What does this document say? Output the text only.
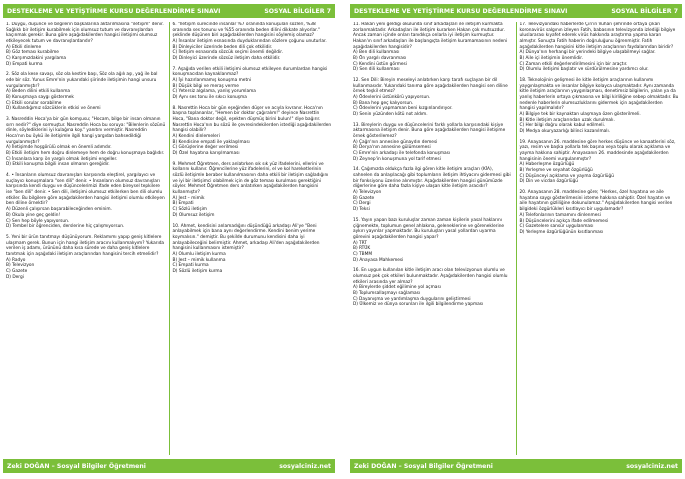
DESTEKLEME VE YETİŞTİRME KURSU DEĞERLENDİRME SINAVI	SOSYAL BİLGİLER 7

1. Duygu, düşünce ve bilgilerin başkalarına aktarılmasına "iletişim" denir. Sağlıklı bir iletişim kurabilmek için olumsuz tutum ve davranışlardan kaçınmak gerekir. Buna göre aşağıdakilerden hangisi iletişimi olumsuz etkileyecek tutum ve davranışlardandır?

A) Etkili dinleme
B) Göz teması kurabilme
C) Karşımızdakini yargılama
D) Empati kurma

2. Söz ola kese savaşı, söz ola kestire başı, Söz ola ağılı aşı, yağ ile bal ede bir söz. Yunus Emre'nin yukarıdaki şiirinde iletişimin hangi unsuru vurgulanmıştır?

A) Beden dilini etkili kullanma
B) Konuşmaya saygı göstermek
C) Etkili sorular sorabilme
D) Kullandığımız sözcüklerin etkisi ve önemi

3. Nasreddin Hoca'ya bir gün komşusu; "Hocam, bilge bir insan olmanın sırrı nedir?" diye sormuştur. Nasreddin Hoca bu soruya: "Bilenlerin sözünü dinle, söylediklerini iyi kulağına koy." yanıtını vermiştir. Nasreddin Hoca'nın bu öykü ile iletişimle ilgili hangi yargıdan bahsedildiği vurgulanmıştır?

A) İletişimde hoşgörülü olmak en önemli adımdır.
B) Etkili iletişim hem doğru dinlemeye hem de doğru konuşmaya bağlıdır.
C) İnsanlara karşı ön yargılı olmak iletişimi engeller.
D) Etkili konuşma bilgili insan olmanın gereğidir.

4. • İnsanların olumsuz davranışları karşısında eleştirel, yargılayıcı ve suçlayıcı konuşmalara "sen dili" denir. • İnsanların olumsuz davranışları karşısında kendi duygu ve düşüncelerimizi ifade eden bireysel tepkilere ise "ben dili" denir. • Sen dili, iletişimi olumsuz etkilerken ben dili olumlu etkiler. Bu bilgilere göre aşağıdakilerden hangisi iletişimi olumlu etkileyen ben diline örnektir?

A) Düzenli çalışırsan başarabileceğinden eminim.
B) Okula yine geç geldin!
C) Sen hep böyle yapıyorsun.
D) Tembel bir öğrenciden, derslerine hiç çalışmıyorsun.

5. Yeni bir ürün tanıtmayı düşünüyorum. Reklamımı yapıp geniş kitlelere ulaşmam gerek. Bunun için hangi iletişim aracını kullanmalıyım? Yukarıda verilen iş adamı, ürününü daha kısa sürede ve daha geniş kitlelere tanıtmak için aşağıdaki iletişim araçlarından hangisini tercih etmelidir?

A) Radyo
B) Televizyon
C) Gazete
D) Dergi

6. "İletişim sürecinde insanlar %7 oranında konuşulan sözleri, %38 oranında ses tonunu ve %55 oranında beden dilini dikkate alıyorlar." şeklinde düşünen biri aşağıdakilerden hangisini söylemiş olamaz?

A) İnsanlar iletişim esnasında duyduklarından sözlere çoğunu unuturlar.
B) Dinleyiciler üzerinde beden dili çok etkilidir.
C) İletişim esnasında sözcük seçimi önemli değildir.
D) Dinleyici üzerinde sözsüz iletişim daha etkilidir.

7. Aşağıda verilen etkili iletişimi olumsuz etkileyen durumlardan hangisi konuşmacıdan kaynaklanmaz?

A) İyi hazırlanmamış konuşma metni
B) Düşük bilgi ve meraş verme
C) Yetersiz algılama, yanlış yorumlama
D) Aynı ses tonu ile sıkıcı konuşma

8. Nasrettin Hoca bir gün eşeğinden düşer ve acıyla kıvranır. Hoca'nın başına toplananlar, "Hemen bir doktor çağıralım!" deyince Nasrettin Hoca, "Bana doktor değil, eşekten düşmüş birini bulun!" diye bağırır. Nasrettin Hoca'nın bu sözü ile çevresindekilerden istediği aşağıdakilerden hangisi olabilir?

A) Kendini dinlemeleri
B) Kendisine empati ile yaklaşılması
C) Görüşlerine değer verilmesi
D) Özel hayatına karışılmaması

9. Mehmet Öğretmen, ders anlatırken sık sık yüz ifadelerini, ellerini ve kollarını kullanır. Öğrencilerine yüz ifadelerini, el ve kol hareketlerinin sözlü iletişimle beraber kullanılmasının daha etkili bir iletişim sağladığını ve iyi bir iletişimci olabilmek için de göz teması kurulması gerektiğini söyler. Mehmet Öğretmen ders anlatırken aşağıdakilerden hangisini kullanmıştır?

A) Jest – mimik
B) Empati
C) Sözlü iletişim
D) Olumsuz iletişim

10. Ahmet, kendisini anlamadığını düşündüğü arkadaşı Ali'ye "Beni anlayabilmek için bana aynı değerlendirme. Kendini benim yerime koymalısın." demiştir. Bu şekilde durumunu kendisini daha iyi anlayabileceğini belirmiştir. Ahmet, arkadaşı Ali'den aşağıdakilerden hangisini kullanmasını istemiştir?

A) Olumlu iletişim kurma
B) Jest – mimik kullanma
C) Empati kurma
D) Sözlü iletişim kurma
Zeki DOĞAN – Sosyal Bilgiler Öğretmeni	sosyalciniz.net
DESTEKLEME VE YETİŞTİRME KURSU DEĞERLENDİRME SINAVI	SOSYAL BİLGİLER 7

11. Hakan yeni geldiği okulunda sınıf arkadaşları ile iletişim kurmakta zorlanmaktadır. Arkadaşları ile iletişim kurarken Hakan çok mutsuzdur. Ancak zaman içinde onları tanıdıkça onlarla iyi iletişim kurmuştur. Hakan'ın sınıf arkadaşları ile başlangıçta iletişim kuramamasının nedeni aşağıdakilerden hangisidir?

A) Ben dili kullanması
B) Ön yargılı davranması
C) Kendini üstün görmesi
D) Sen dili kullanması

12. Sen Dili: Bireyin meseleyi anlatırken karşı tarafı suçlayan bir dil kullanmasıdır. Yukarıdaki tanıma göre aşağıdakilerden hangisi sen diline örnek teşkil etmez?

A) Ödevlerini üstünkörü yapıyorsun.
B) Bana hep geç kalıyorsun.
C) Ödevlerini yapmaman beni kızgınlandırıyor.
D) Senin yüzünden kötü not aldım.

13. Bireylerin duygu ve düşüncelerini farklı yollarla karşısındaki kişiye aktarmasına iletişim denir. Buna göre aşağıdakilerden hangisi iletişime örnek gösterilemez?

A) Çağrı'nın annesine günaydın demesi
B) Derya'nın annesine gülümsemesi
C) Emre'nin arkadaşı ile telefonda konuşması
D) Zeynep'in konuşmuna yol tarif etmesi

14. Çağımızda oldukça fazla ilgi gören kitle iletişim araçları (KİA), sahnelen da anlaşılacağı gibi toplumların iletişim ihtiyacını gidermesi gibi bir fonksiyonu üzerine alınmıştır. Aşağıdakilerden hangisi günümüzde diğerlerine göre daha fazla kişiye ulaşan kitle iletişim aracıdır?

A) Televizyon
B) Gazete
C) Dergi
D) Teksi

15. Yayın yapan bazı kuruluşlar zaman zaman kişilerin yasal haklarını çiğnemekte, toplumun genel ahlakına, geleneklerine ve göreneklerine aykırı yayınlar yapmaktadır. Bu kuruluşları yasal yollardan uyarma görevini aşağıdakilerden hangisi yapar?

A) TRT
B) RTÜK
C) TBMM
D) Anayasa Mahkemesi

16. En uygun kullanılan kitle iletişim aracı olan televizyonun olumlu ve olumsuz pek çok etkileri bulunmaktadır. Aşağıdakilerden hangisi olumlu etkileri arasında yer almaz?

A) Bireylerde şiddet eğilimine yol açması
B) Toplumsallaşmayı sağlaması
C) Dayanışma ve yardımlaşma duygularını geliştirmesi
D) Ülkemiz ve dünya sorunları ile ilgili bilgilendirme yapması

17. Televizyondaki haberlerde Çin'in Vuhan şehrinde ortaya çıkan koronavirüs salgının izleyen Fatih, babasının televizyonda izlediği bilgiye uluslararası kıyafet ederek virüs hakkında araştırma yapma kararı almıştır. Sonuçta Fatih haberin doğruluğunu öğrenmiştir. Fatih aşağıdakilerden hangisini kitle iletişim araçlarının faydalarından biridir?

A) Dünya'nın herhangi bir yerindeki bilgiye ulaşabilmeyi sağlar.
B) Aile içi iletişimin önemlidir.
C) Zaman etkili değerlendirilmesini için bir araçtır.
D) Olumlu iletişimi başlatır ve sürdürülmesine yardımcı olur.

18. Teknolojinin gelişmesi ile kitle iletişim araçlarının kullanımı yaygınlaşmakta ve insanlar bilgiye kolayca ulaşmaktadır. Aynı zamanda kitle iletişim araçlarının yaygınlaşması, denetimsiz bilgilerin, yalan ya da yanlış haberlerin ortaya çıkmasına ve bilgi kirliliğine sebep olmaktadır. Bu nedenle haberlerin olumsuzluklarını gidermek için aşağıdakilerden hangisi yapılmalıdır?

A) Bilgiye tek bir kaynaktan ulaşmaya özen gösterilmeli.
B) Kitle iletişim araçlarından uzak durulmalı.
C) Her bilgi doğru olarak kabul edilmeli.
D) Medya okuryazarlığı bilinci kazanılmalı.

19. Anayasanın 26. maddesine göre herkes düşünce ve kanaatlerini söz, yazı, resim ve başka yollarla tek başına veya toplu olarak açıklama ve yayma hakkına sahiptir. Anayasanın 26. maddesinde aşağıdakilerden hangisinin önemi vurgulanmıştır?

A) Haberleşme özgürlüğü
B) Yerleşme ve seyahat özgürlüğü
C) Düşünceyi açıklama ve yayma özgürlüğü
D) Din ve vicdan özgürlüğü

20. Anayasanın 28. maddesine göre; "Herkes, özel hayatına ve aile hayatına saygı gösterilmesini isteme hakkına sahiptir. Özel hayatın ve aile hayatının gizliliğine dokunulamaz." Aşağıdakilerden hangisi verilen bilgideki özgürlükleri kısıtlayıcı bir uygulamadır?

A) Telefonlarının tamamını dinlenmesi
B) Düşüncelerini açıkça ifade edilmemesi
C) Gazetelere sansür uygulanması
D) Yerleşme özgürlüğünün kısıtlanması
Zeki DOĞAN – Sosyal Bilgiler Öğretmeni	sosyalciniz.net
